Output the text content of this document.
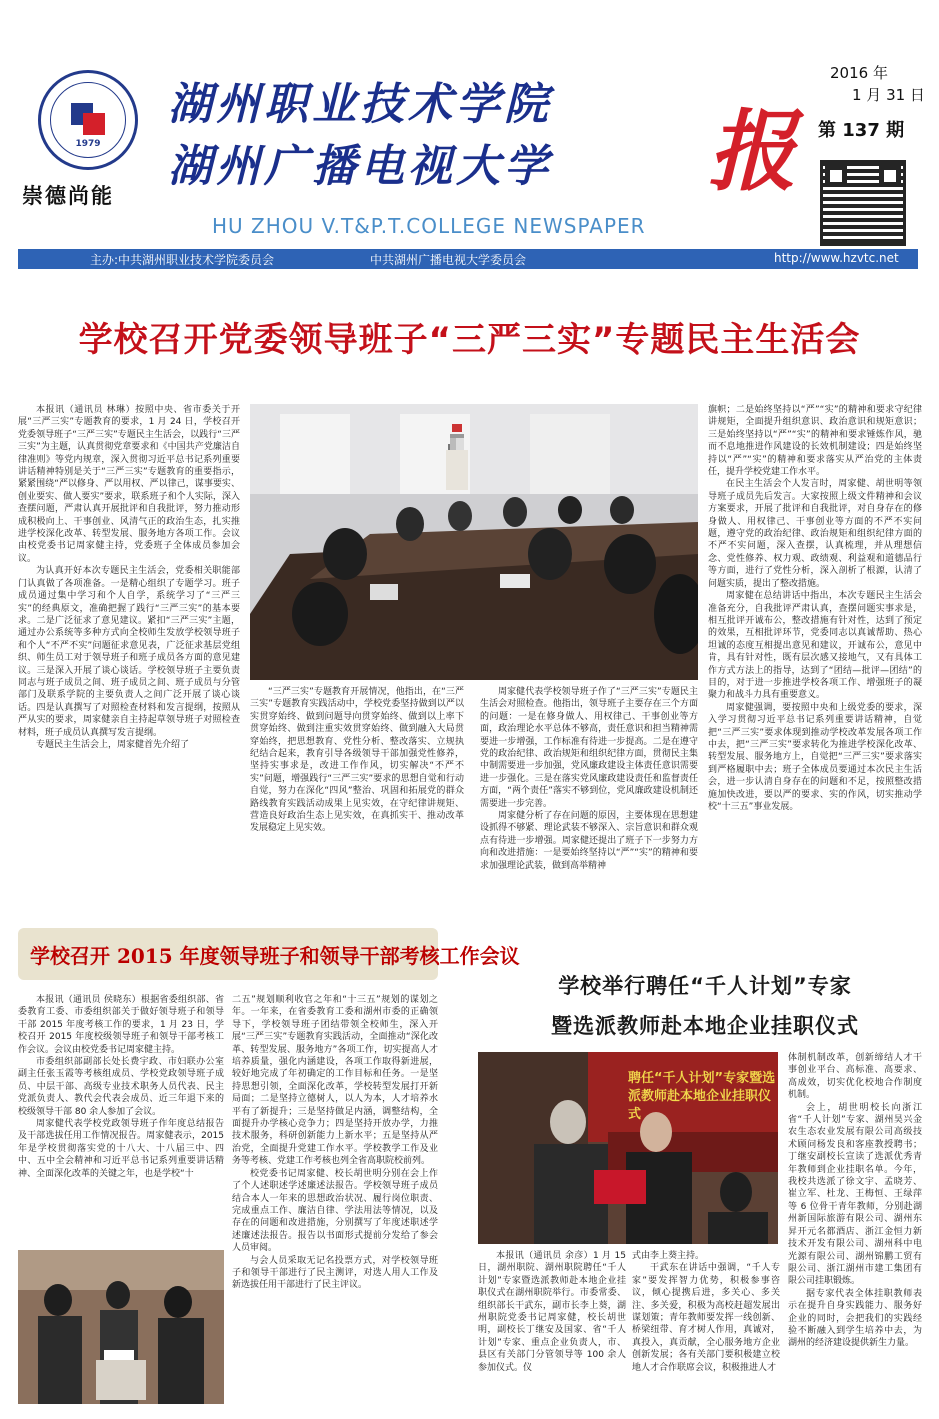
1979
崇德尚能
湖州职业技术学院
湖州广播电视大学 报
2016 年
1 月 31 日
第 137 期
HU ZHOU V.T&P.T.COLLEGE NEWSPAPER
主办:中共湖州职业技术学院委员会	中共湖州广播电视大学委员会	http://www.hzvtc.net
学校召开党委领导班子“三严三实”专题民主生活会

本报讯（通讯员 林琳）按照中央、省市委关于开展“三严三实”专题教育的要求，1 月 24 日，学校召开党委领导班子“三严三实”专题民主生活会，以践行“三严三实”为主题，认真贯彻党章要求和《中国共产党廉洁自律准则》等党内规章，深入贯彻习近平总书记系列重要讲话精神特别是关于“三严三实”专题教育的重要指示，紧紧围绕“严以修身、严以用权、严以律己，谋事要实、创业要实、做人要实”要求，联系班子和个人实际，深入查摆问题，严肃认真开展批评和自我批评，努力推动形成积极向上、干事创业、风清气正的政治生态，扎实推进学校深化改革、转型发展、服务地方各项工作。会议由校党委书记周家健主持，党委班子全体成员参加会议。

为认真开好本次专题民主生活会，党委相关职能部门认真做了各项准备。一是精心组织了专题学习。班子成员通过集中学习和个人自学，系统学习了“三严三实”的经典原文，准确把握了践行“三严三实”的基本要求。二是广泛征求了意见建议。紧扣“三严三实”主题，通过办公系统等多种方式向全校师生发放学校领导班子和个人“不严不实”问题征求意见表，广泛征求基层党组织、师生员工对于领导班子和班子成员各方面的意见建议。三是深入开展了谈心谈话。学校领导班子主要负责同志与班子成员之间、班子成员之间、班子成员与分管部门及联系学院的主要负责人之间广泛开展了谈心谈话。四是认真撰写了对照检查材料和发言提纲，按照从严从实的要求，周家健亲自主持起草领导班子对照检查材料，班子成员认真撰写发言提纲。

专题民主生活会上，周家健首先介绍了

“三严三实”专题教育开展情况，他指出，在“三严三实”专题教育实践活动中，学校党委坚持做到以严以实贯穿始终、做到问题导向贯穿始终、做到以上率下贯穿始终、做到注重实效贯穿始终、做到融入大局贯穿始终，把思想教育、党性分析、整改落实、立规执纪结合起来，教育引导各级领导干部加强党性修养，坚持实事求是，改进工作作风，切实解决“不严不实”问题，增强践行“三严三实”要求的思想自觉和行动自觉，努力在深化“四风”整治、巩固和拓展党的群众路线教育实践活动成果上见实效，在守纪律讲规矩、营造良好政治生态上见实效，在真抓实干、推动改革发展稳定上见实效。

周家健代表学校领导班子作了“三严三实”专题民主生活会对照检查。他指出，领导班子主要存在三个方面的问题：一是在修身做人、用权律己、干事创业等方面，政治理论水平总体不够高，责任意识和担当精神需要进一步增强，工作标准有待进一步提高。二是在遵守党的政治纪律、政治规矩和组织纪律方面，贯彻民主集中制需要进一步加强，党风廉政建设主体责任意识需要进一步强化。三是在落实党风廉政建设责任和监督责任方面，“两个责任”落实不够到位，党风廉政建设机制还需要进一步完善。

周家健分析了存在问题的原因，主要体现在思想建设抓得不够紧、理论武装不够深入、宗旨意识和群众观点有待进一步增强。周家健还提出了班子下一步努力方向和改进措施：一是要始终坚持以“严”“实”的精神和要求加强理论武装，做到高举精神

旗帜；二是始终坚持以“严”“实”的精神和要求守纪律讲规矩，全面提升组织意识、政治意识和规矩意识；三是始终坚持以“严”“实”的精神和要求锤炼作风，驰而不息地推进作风建设的长效机制建设；四是始终坚持以“严”“实”的精神和要求落实从严治党的主体责任，提升学校党建工作水平。

在民主生活会个人发言时，周家健、胡世明等领导班子成员先后发言。大家按照上级文件精神和会议方案要求，开展了批评和自我批评，对自身存在的修身做人、用权律己、干事创业等方面的不严不实问题，遵守党的政治纪律、政治规矩和组织纪律方面的不严不实问题，深入查摆，认真梳理，并从理想信念、党性修养、权力观、政绩观、利益观和道德品行等方面，进行了党性分析，深入剖析了根源，认清了问题实质，提出了整改措施。

周家健在总结讲话中指出，本次专题民主生活会准备充分，自我批评严肃认真，查摆问题实事求是，相互批评开诚布公，整改措施有针对性，达到了预定的效果，互相批评环节，党委同志以真诚帮助、热心坦诚的态度互相提出意见和建议，开诚布公，意见中肯，具有针对性，既有层次感又接地气，又有具体工作方式方法上的指导，达到了“团结—批评—团结”的目的，对于进一步推进学校各项工作、增强班子的凝聚力和战斗力具有重要意义。

周家健强调，要按照中央和上级党委的要求，深入学习贯彻习近平总书记系列重要讲话精神，自觉把“三严三实”要求体现到推动学校改革发展各项工作中去，把“三严三实”要求转化为推进学校深化改革、转型发展、服务地方上，自觉把“三严三实”要求落实到严格履职中去；班子全体成员要通过本次民主生活会，进一步认清自身存在的问题和不足，按照整改措施加快改进，要以严的要求、实的作风，切实推动学校“十三五”事业发展。

学校召开 2015 年度领导班子和领导干部考核工作会议

本报讯（通讯员 侯晓东）根据省委组织部、省委教育工委、市委组织部关于做好领导班子和领导干部 2015 年度考核工作的要求，1 月 23 日，学校召开 2015 年度校级领导班子和领导干部考核工作会议。会议由校党委书记周家健主持。

市委组织部副部长处长费宇政、市妇联办公室副主任张玉霞等考核组成员、学校党政领导班子成员、中层干部、高级专业技术职务人员代表、民主党派负责人、教代会代表会成员、近三年退下来的校级领导干部 80 余人参加了会议。

周家健代表学校党政领导班子作年度总结报告及干部选拔任用工作情况报告。周家健表示，2015 年是学校贯彻落实党的十八大、十八届三中、四中、五中全会精神和习近平总书记系列重要讲话精神、全面深化改革的关键之年，也是学校“十

二五”规划顺利收官之年和“十三五”规划的谋划之年。一年来，在省委教育工委和湖州市委的正确领导下，学校领导班子团结带领全校师生，深入开展“三严三实”专题教育实践活动，全面推动“深化改革、转型发展、服务地方”各项工作，切实提高人才培养质量，强化内涵建设，各项工作取得新进展，较好地完成了年初确定的工作目标和任务。一是坚持思想引领，全面深化改革，学校转型发展打开新局面；二是坚持立德树人，以人为本，人才培养水平有了新提升；三是坚持做足内涵，调整结构，全面提升办学核心竞争力；四是坚持开放办学，力推技术服务，科研创新能力上新水平；五是坚持从严治党，全面提升党建工作水平。学校教学工作及业务等考核、党建工作考核也列全省高职院校前列。

校党委书记周家健、校长胡世明分别在会上作了个人述职述学述廉述法报告。学校领导班子成员结合本人一年来的思想政治状况、履行岗位职责、完成重点工作、廉洁自律、学法用法等情况，以及存在的问题和改进措施，分别撰写了年度述职述学述廉述法报告。报告以书面形式提前分发给了参会人员审阅。

与会人员采取无记名投票方式，对学校领导班子和领导干部进行了民主测评，对选人用人工作及新选拔任用干部进行了民主评议。

学校举行聘任“千人计划”专家
暨选派教师赴本地企业挂职仪式
聘任“千人计划”专家暨选派教师赴本地企业挂职仪式

本报讯（通讯员 余彦）1 月 15 日，湖州职院、湖州职院聘任“千人计划”专家暨选派教师赴本地企业挂职仪式在湖州职院举行。市委常委、组织部长干武东，副市长李上葵，湖州职院党委书记周家健，校长胡世明，副校长丁继安及国家、省“千人计划”专家、重点企业负责人，市、县区有关部门分管领导等 100 余人参加仪式。仪

式由李上葵主持。

干武东在讲话中强调，“千人专家”要发挥智力优势，积极参事咨议，倾心提携后进，多关心、多关注、多关爱，积极为高校赶超发展出谋划策；青年教师要发挥一线创新、桥梁纽带、育才树人作用，真诚对，真投入，真贡献，全心服务地方企业创新发展；各有关部门要积极建立校地人才合作联席会议，积极推进人才

体制机制改革，创新缔结人才干事创业平台、高标准、高要求、高成效，切实优化校地合作制度机制。

会上，胡世明校长向浙江省“千人计划”专家、湖州昊兴金农生态农业发展有限公司高级技术顾问杨发良和客座教授聘书；丁继安副校长宣读了选派优秀青年教师到企业挂职名单。今年，我校共选派了徐文宇、孟晓芳、崔立军、杜龙、王梅恒、王绿萍等 6 位骨干青年教师，分别赴湖州新国际旅游有限公司、湖州东昇开元名都酒店、浙江金恒力新技术开发有限公司、湖州科中电光源有限公司、湖州锦鹏工贸有限公司、浙江湖州市建工集团有限公司挂职锻炼。

据专家代表全体挂职教师表示在提升自身实践能力、服务好企业的同时，会把我们的实践经验不断融入到学生培养中去，为湖州的经济建设提供新生力量。
